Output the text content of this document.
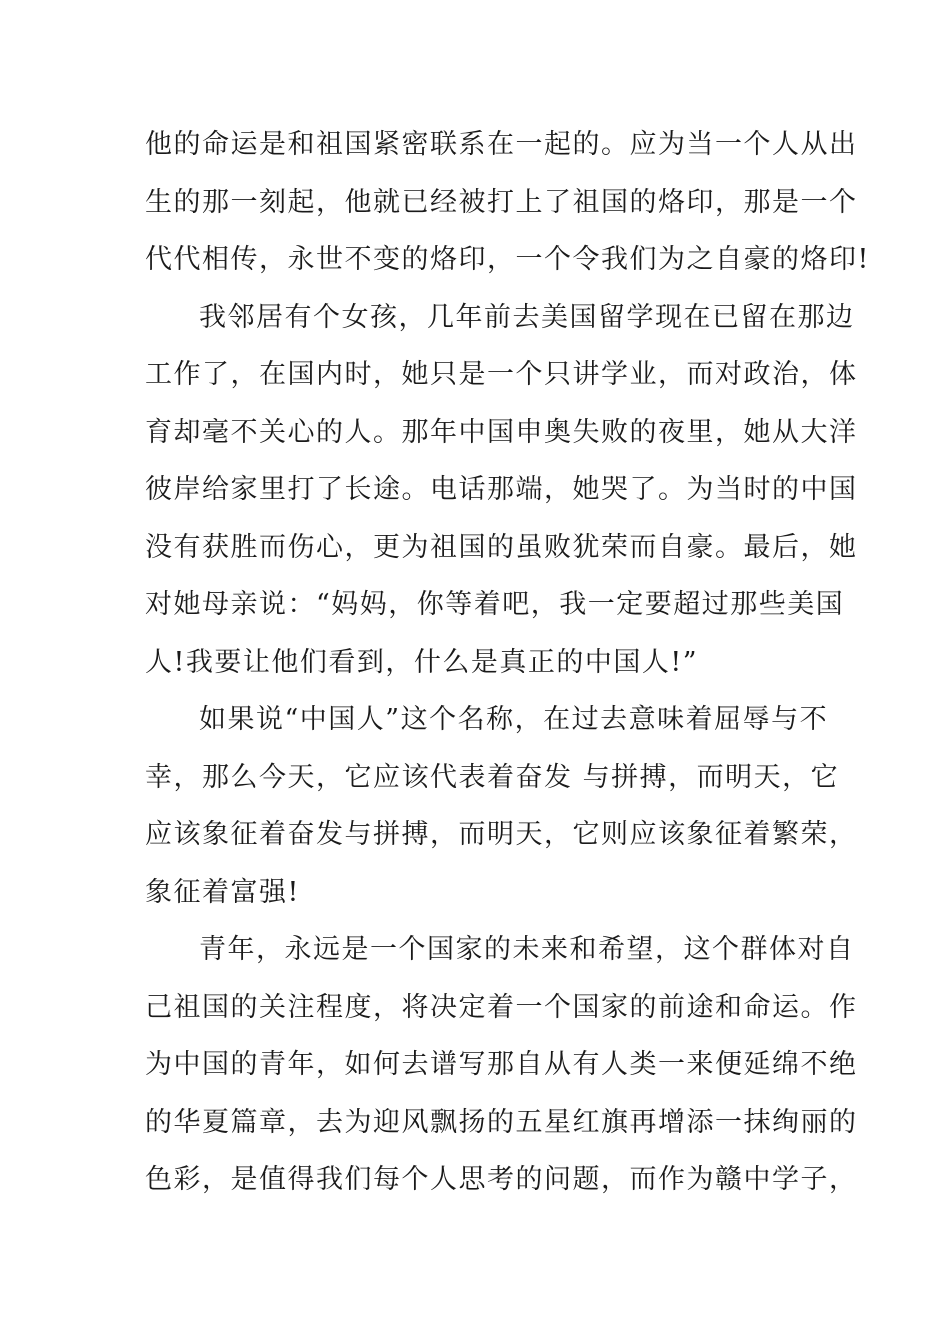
他的命运是和祖国紧密联系在一起的。应为当一个人从出
生的那一刻起，他就已经被打上了祖国的烙印，那是一个
代代相传，永世不变的烙印，一个令我们为之自豪的烙印!
我邻居有个女孩，几年前去美国留学现在已留在那边
工作了，在国内时，她只是一个只讲学业，而对政治，体
育却毫不关心的人。那年中国申奥失败的夜里，她从大洋
彼岸给家里打了长途。电话那端，她哭了。为当时的中国
没有获胜而伤心，更为祖国的虽败犹荣而自豪。最后，她
对她母亲说：“妈妈，你等着吧，我一定要超过那些美国
人!我要让他们看到，什么是真正的中国人!”
如果说“中国人”这个名称，在过去意味着屈辱与不
幸，那么今天，它应该代表着奋发 与拼搏，而明天，它
应该象征着奋发与拼搏，而明天，它则应该象征着繁荣，
象征着富强!
青年，永远是一个国家的未来和希望，这个群体对自
己祖国的关注程度，将决定着一个国家的前途和命运。作
为中国的青年，如何去谱写那自从有人类一来便延绵不绝
的华夏篇章，去为迎风飘扬的五星红旗再增添一抹绚丽的
色彩，是值得我们每个人思考的问题，而作为赣中学子，
